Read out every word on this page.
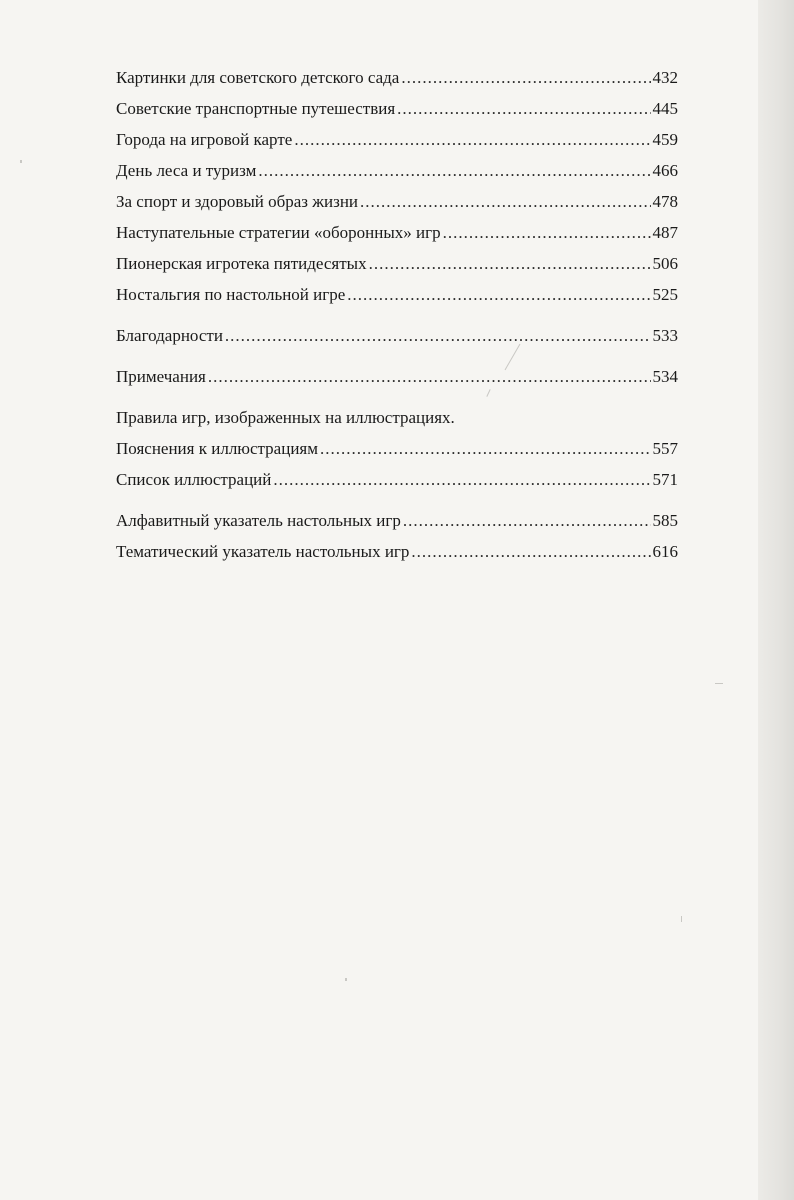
Картинки для советского детского сада .....	432
Советские транспортные путешествия .....	445
Города на игровой карте .....	459
День леса и туризм .....	466
За спорт и здоровый образ жизни .....	478
Наступательные стратегии «оборонных» игр .....	487
Пионерская игротека пятидесятых .....	506
Ностальгия по настольной игре .....	525
Благодарности .....	533
Примечания .....	534
Правила игр, изображенных на иллюстрациях.
Пояснения к иллюстрациям .....	557
Список иллюстраций .....	571
Алфавитный указатель настольных игр .....	585
Тематический указатель настольных игр .....	616
